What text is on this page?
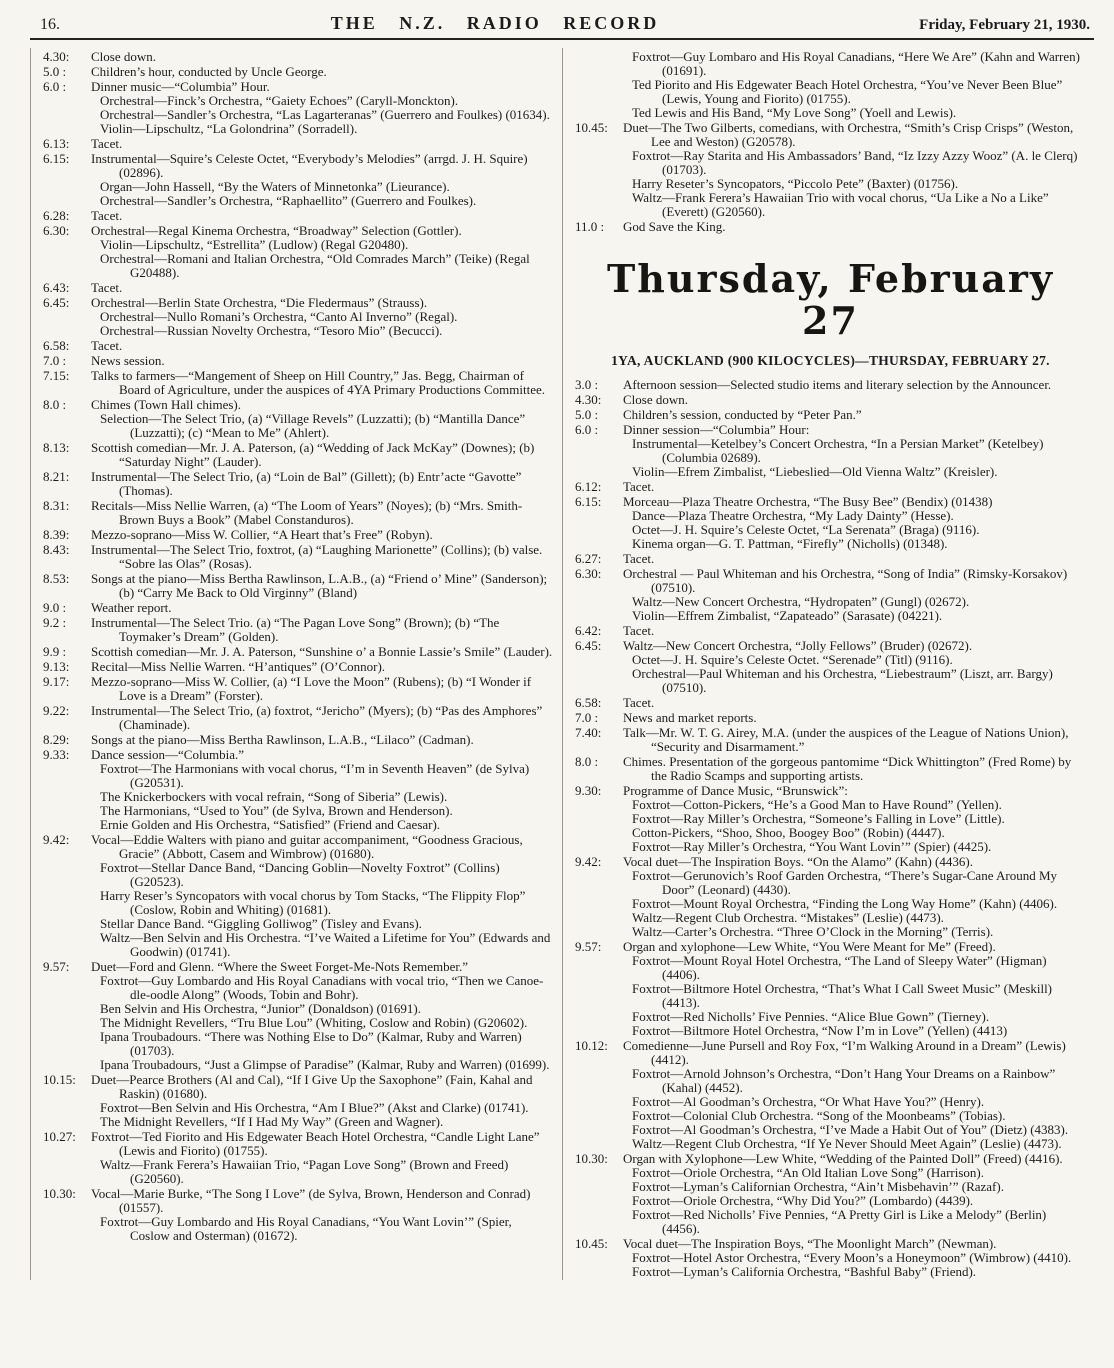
16.	THE N.Z. RADIO RECORD	Friday, February 21, 1930.
4.30:	Close down.

5.0 :	Children’s hour, conducted by Uncle George.

6.0 :	Dinner music—“Columbia” Hour.

Orchestral—Finck’s Orchestra, “Gaiety Echoes” (Caryll-Monckton).

Orchestral—Sandler’s Orchestra, “Las Lagarteranas” (Guerrero and Foulkes) (01634).

Violin—Lipschultz, “La Golondrina” (Sorradell).

6.13:	Tacet.

6.15:	Instrumental—Squire’s Celeste Octet, “Everybody’s Melodies” (arrgd. J. H. Squire) (02896).

Organ—John Hassell, “By the Waters of Minnetonka” (Lieurance).

Orchestral—Sandler’s Orchestra, “Raphaellito” (Guerrero and Foulkes).

6.28:	Tacet.

6.30:	Orchestral—Regal Kinema Orchestra, “Broadway” Selection (Gottler).

Violin—Lipschultz, “Estrellita” (Ludlow) (Regal G20480).

Orchestral—Romani and Italian Orchestra, “Old Comrades March” (Teike) (Regal G20488).

6.43:	Tacet.

6.45:	Orchestral—Berlin State Orchestra, “Die Fledermaus” (Strauss).

Orchestral—Nullo Romani’s Orchestra, “Canto Al Inverno” (Regal).

Orchestral—Russian Novelty Orchestra, “Tesoro Mio” (Becucci).

6.58:	Tacet.

7.0 :	News session.

7.15:	Talks to farmers—“Mangement of Sheep on Hill Country,” Jas. Begg, Chairman of Board of Agriculture, under the auspices of 4YA Primary Productions Committee.

8.0 :	Chimes (Town Hall chimes).

Selection—The Select Trio, (a) “Village Revels” (Luzzatti); (b) “Mantilla Dance” (Luzzatti); (c) “Mean to Me” (Ahlert).

8.13:	Scottish comedian—Mr. J. A. Paterson, (a) “Wedding of Jack McKay” (Downes); (b) “Saturday Night” (Lauder).

8.21:	Instrumental—The Select Trio, (a) “Loin de Bal” (Gillett); (b) Entr’acte “Gavotte” (Thomas).

8.31:	Recitals—Miss Nellie Warren, (a) “The Loom of Years” (Noyes); (b) “Mrs. Smith-Brown Buys a Book” (Mabel Constanduros).

8.39:	Mezzo-soprano—Miss W. Collier, “A Heart that’s Free” (Robyn).

8.43:	Instrumental—The Select Trio, foxtrot, (a) “Laughing Marionette” (Collins); (b) valse. “Sobre las Olas” (Rosas).

8.53:	Songs at the piano—Miss Bertha Rawlinson, L.A.B., (a) “Friend o’ Mine” (Sanderson); (b) “Carry Me Back to Old Virginny” (Bland)

9.0 :	Weather report.

9.2 :	Instrumental—The Select Trio. (a) “The Pagan Love Song” (Brown); (b) “The Toymaker’s Dream” (Golden).

9.9 :	Scottish comedian—Mr. J. A. Paterson, “Sunshine o’ a Bonnie Lassie’s Smile” (Lauder).

9.13:	Recital—Miss Nellie Warren. “H’antiques” (O’Connor).

9.17:	Mezzo-soprano—Miss W. Collier, (a) “I Love the Moon” (Rubens); (b) “I Wonder if Love is a Dream” (Forster).

9.22:	Instrumental—The Select Trio, (a) foxtrot, “Jericho” (Myers); (b) “Pas des Amphores” (Chaminade).

8.29:	Songs at the piano—Miss Bertha Rawlinson, L.A.B., “Lilaco” (Cadman).

9.33:	Dance session—“Columbia.”

Foxtrot—The Harmonians with vocal chorus, “I’m in Seventh Heaven” (de Sylva) (G20531).

The Knickerbockers with vocal refrain, “Song of Siberia” (Lewis).

The Harmonians, “Used to You” (de Sylva, Brown and Henderson).

Ernie Golden and His Orchestra, “Satisfied” (Friend and Caesar).

9.42:	Vocal—Eddie Walters with piano and guitar accompaniment, “Goodness Gracious, Gracie” (Abbott, Casem and Wimbrow) (01680).

Foxtrot—Stellar Dance Band, “Dancing Goblin—Novelty Foxtrot” (Collins) (G20523).

Harry Reser’s Syncopators with vocal chorus by Tom Stacks, “The Flippity Flop” (Coslow, Robin and Whiting) (01681).

Stellar Dance Band. “Giggling Golliwog” (Tisley and Evans).

Waltz—Ben Selvin and His Orchestra. “I’ve Waited a Lifetime for You” (Edwards and Goodwin) (01741).

9.57:	Duet—Ford and Glenn. “Where the Sweet Forget-Me-Nots Remember.”

Foxtrot—Guy Lombardo and His Royal Canadians with vocal trio, “Then we Canoe-dle-oodle Along” (Woods, Tobin and Bohr).

Ben Selvin and His Orchestra, “Junior” (Donaldson) (01691).

The Midnight Revellers, “Tru Blue Lou” (Whiting, Coslow and Robin) (G20602).

Ipana Troubadours. “There was Nothing Else to Do” (Kalmar, Ruby and Warren) (01703).

Ipana Troubadours, “Just a Glimpse of Paradise” (Kalmar, Ruby and Warren) (01699).

10.15:	Duet—Pearce Brothers (Al and Cal), “If I Give Up the Saxophone” (Fain, Kahal and Raskin) (01680).

Foxtrot—Ben Selvin and His Orchestra, “Am I Blue?” (Akst and Clarke) (01741).

The Midnight Revellers, “If I Had My Way” (Green and Wagner).

10.27:	Foxtrot—Ted Fiorito and His Edgewater Beach Hotel Orchestra, “Candle Light Lane” (Lewis and Fiorito) (01755).

Waltz—Frank Ferera’s Hawaiian Trio, “Pagan Love Song” (Brown and Freed) (G20560).

10.30:	Vocal—Marie Burke, “The Song I Love” (de Sylva, Brown, Henderson and Conrad) (01557).

Foxtrot—Guy Lombardo and His Royal Canadians, “You Want Lovin’” (Spier, Coslow and Osterman) (01672).

Foxtrot—Guy Lombaro and His Royal Canadians, “Here We Are” (Kahn and Warren) (01691).

Ted Piorito and His Edgewater Beach Hotel Orchestra, “You’ve Never Been Blue” (Lewis, Young and Fiorito) (01755).

Ted Lewis and His Band, “My Love Song” (Yoell and Lewis).

10.45:	Duet—The Two Gilberts, comedians, with Orchestra, “Smith’s Crisp Crisps” (Weston, Lee and Weston) (G20578).

Foxtrot—Ray Starita and His Ambassadors’ Band, “Iz Izzy Azzy Wooz” (A. le Clerq) (01703).

Harry Reseter’s Syncopators, “Piccolo Pete” (Baxter) (01756).

Waltz—Frank Ferera’s Hawaiian Trio with vocal chorus, “Ua Like a No a Like” (Everett) (G20560).

11.0 :	God Save the King.

Thursday, February 27

1YA, AUCKLAND (900 KILOCYCLES)—THURSDAY, FEBRUARY 27.

3.0 :	Afternoon session—Selected studio items and literary selection by the Announcer.

4.30:	Close down.

5.0 :	Children’s session, conducted by “Peter Pan.”

6.0 :	Dinner session—“Columbia” Hour:

Instrumental—Ketelbey’s Concert Orchestra, “In a Persian Market” (Ketelbey) (Columbia 02689).

Violin—Efrem Zimbalist, “Liebeslied—Old Vienna Waltz” (Kreisler).

6.12:	Tacet.

6.15:	Morceau—Plaza Theatre Orchestra, “The Busy Bee” (Bendix) (01438)

Dance—Plaza Theatre Orchestra, “My Lady Dainty” (Hesse).

Octet—J. H. Squire’s Celeste Octet, “La Serenata” (Braga) (9116).

Kinema organ—G. T. Pattman, “Firefly” (Nicholls) (01348).

6.27:	Tacet.

6.30:	Orchestral — Paul Whiteman and his Orchestra, “Song of India” (Rimsky-Korsakov) (07510).

Waltz—New Concert Orchestra, “Hydropaten” (Gungl) (02672).

Violin—Effrem Zimbalist, “Zapateado” (Sarasate) (04221).

6.42:	Tacet.

6.45:	Waltz—New Concert Orchestra, “Jolly Fellows” (Bruder) (02672).

Octet—J. H. Squire’s Celeste Octet. “Serenade” (Titl) (9116).

Orchestral—Paul Whiteman and his Orchestra, “Liebestraum” (Liszt, arr. Bargy) (07510).

6.58:	Tacet.

7.0 :	News and market reports.

7.40:	Talk—Mr. W. T. G. Airey, M.A. (under the auspices of the League of Nations Union), “Security and Disarmament.”

8.0 :	Chimes. Presentation of the gorgeous pantomime “Dick Whittington” (Fred Rome) by the Radio Scamps and supporting artists.

9.30:	Programme of Dance Music, “Brunswick”:

Foxtrot—Cotton-Pickers, “He’s a Good Man to Have Round” (Yellen).

Foxtrot—Ray Miller’s Orchestra, “Someone’s Falling in Love” (Little).

Cotton-Pickers, “Shoo, Shoo, Boogey Boo” (Robin) (4447).

Foxtrot—Ray Miller’s Orchestra, “You Want Lovin’” (Spier) (4425).

9.42:	Vocal duet—The Inspiration Boys. “On the Alamo” (Kahn) (4436).

Foxtrot—Gerunovich’s Roof Garden Orchestra, “There’s Sugar-Cane Around My Door” (Leonard) (4430).

Foxtrot—Mount Royal Orchestra, “Finding the Long Way Home” (Kahn) (4406).

Waltz—Regent Club Orchestra. “Mistakes” (Leslie) (4473).

Waltz—Carter’s Orchestra. “Three O’Clock in the Morning” (Terris).

9.57:	Organ and xylophone—Lew White, “You Were Meant for Me” (Freed).

Foxtrot—Mount Royal Hotel Orchestra, “The Land of Sleepy Water” (Higman) (4406).

Foxtrot—Biltmore Hotel Orchestra, “That’s What I Call Sweet Music” (Meskill) (4413).

Foxtrot—Red Nicholls’ Five Pennies. “Alice Blue Gown” (Tierney).

Foxtrot—Biltmore Hotel Orchestra, “Now I’m in Love” (Yellen) (4413)

10.12:	Comedienne—June Pursell and Roy Fox, “I’m Walking Around in a Dream” (Lewis) (4412).

Foxtrot—Arnold Johnson’s Orchestra, “Don’t Hang Your Dreams on a Rainbow” (Kahal) (4452).

Foxtrot—Al Goodman’s Orchestra, “Or What Have You?” (Henry).

Foxtrot—Colonial Club Orchestra. “Song of the Moonbeams” (Tobias).

Foxtrot—Al Goodman’s Orchestra, “I’ve Made a Habit Out of You” (Dietz) (4383).

Waltz—Regent Club Orchestra, “If Ye Never Should Meet Again” (Leslie) (4473).

10.30:	Organ with Xylophone—Lew White, “Wedding of the Painted Doll” (Freed) (4416).

Foxtrot—Oriole Orchestra, “An Old Italian Love Song” (Harrison).

Foxtrot—Lyman’s Californian Orchestra, “Ain’t Misbehavin’” (Razaf).

Foxtrot—Oriole Orchestra, “Why Did You?” (Lombardo) (4439).

Foxtrot—Red Nicholls’ Five Pennies, “A Pretty Girl is Like a Melody” (Berlin) (4456).

10.45:	Vocal duet—The Inspiration Boys, “The Moonlight March” (Newman).

Foxtrot—Hotel Astor Orchestra, “Every Moon’s a Honeymoon” (Wimbrow) (4410).

Foxtrot—Lyman’s California Orchestra, “Bashful Baby” (Friend).
